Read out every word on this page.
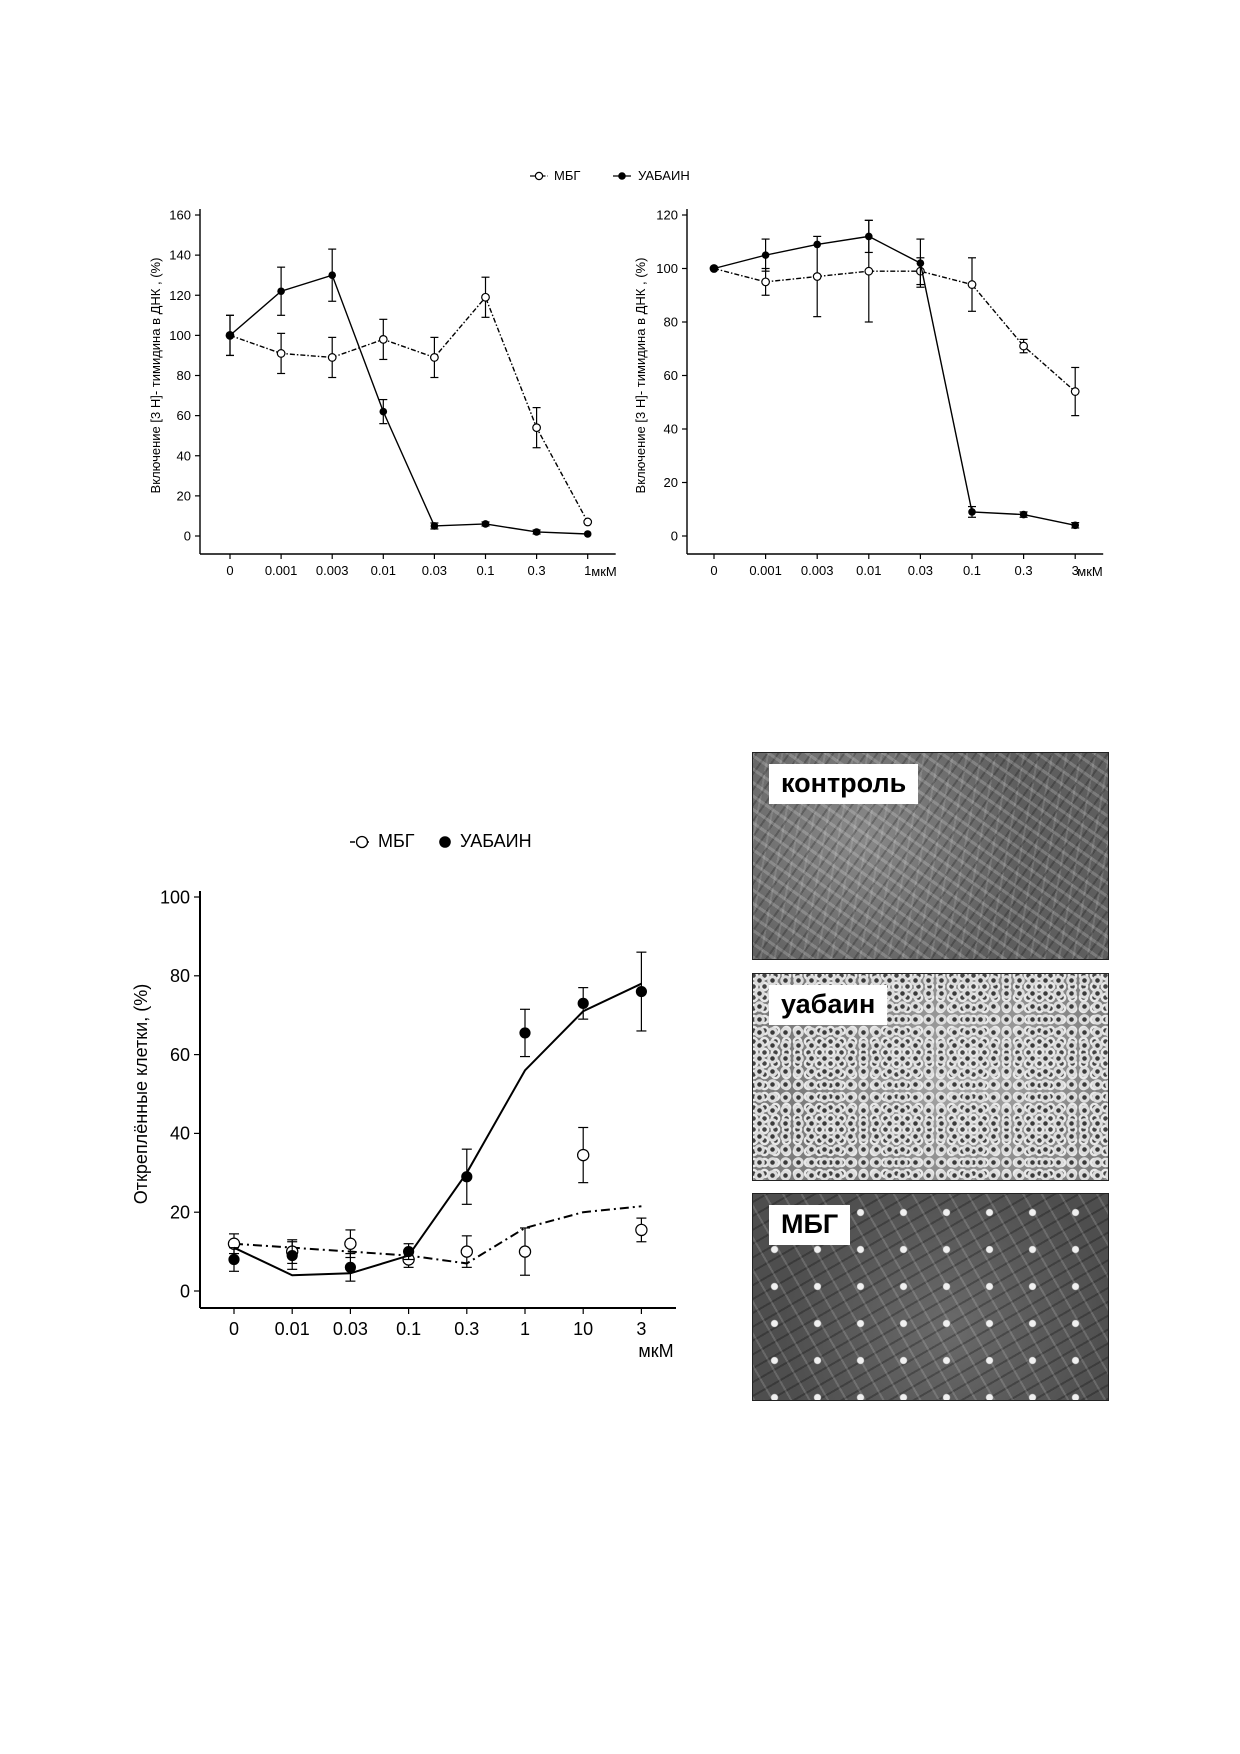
МБГ	УАБАИН
0
20
40
60
80
100
120
140
160
0 0.001 0.003 0.01 0.03 0.1	0.3	1 мкМ
Включение [3 H]- тимидина в ДНК , (%)
0
20
40
60
80
100
120
0 0.001 0.003 0.01 0.03 0.1	0.3	3
мкМ
Включение [3 H]- тимидина в ДНК , (%)
МБГ	УАБАИН
0
20
40
60
80
100
0 0.01 0.03 0.1 0.3 1 10 3
мкМ
Открeплённые клетки, (%)
контроль
уабаин
МБГ
